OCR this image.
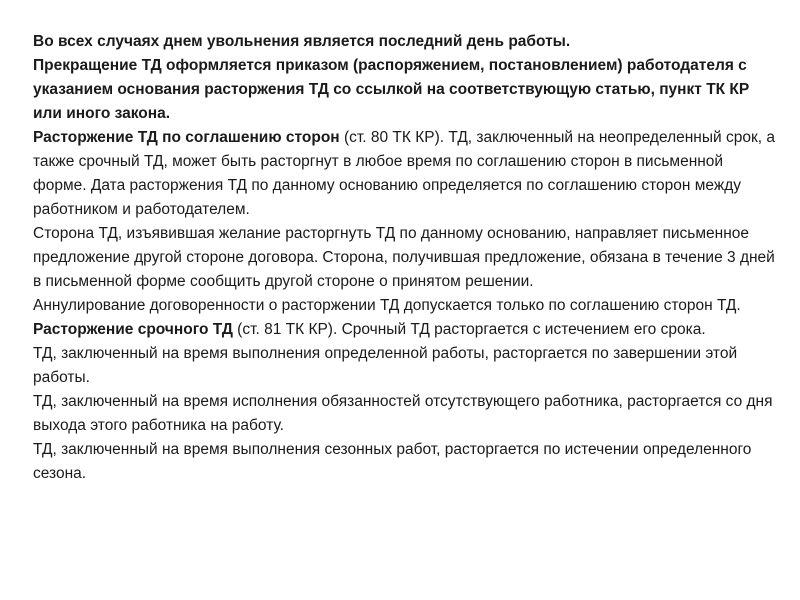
Во всех случаях днем увольнения является последний день работы.

Прекращение ТД оформляется приказом (распоряжением, постановлением) работодателя с указанием основания расторжения ТД со ссылкой на соответствующую статью, пункт ТК КР или иного закона.

Расторжение ТД по соглашению сторон (ст. 80 ТК КР). ТД, заключенный на неопределенный срок, а также срочный ТД, может быть расторгнут в любое время по соглашению сторон в письменной форме. Дата расторжения ТД по данному основанию определяется по соглашению сторон между работником и работодателем.

Сторона ТД, изъявившая желание расторгнуть ТД по данному основанию, направляет письменное предложение другой стороне договора. Сторона, получившая предложение, обязана в течение 3 дней в письменной форме сообщить другой стороне о принятом решении.

Аннулирование договоренности о расторжении ТД допускается только по соглашению сторон ТД.

Расторжение срочного ТД (ст. 81 ТК КР). Срочный ТД расторгается с истечением его срока.

ТД, заключенный на время выполнения определенной работы, расторгается по завершении этой работы.

ТД, заключенный на время исполнения обязанностей отсутствующего работника, расторгается со дня выхода этого работника на работу.

ТД, заключенный на время выполнения сезонных работ, расторгается по истечении определенного сезона.
